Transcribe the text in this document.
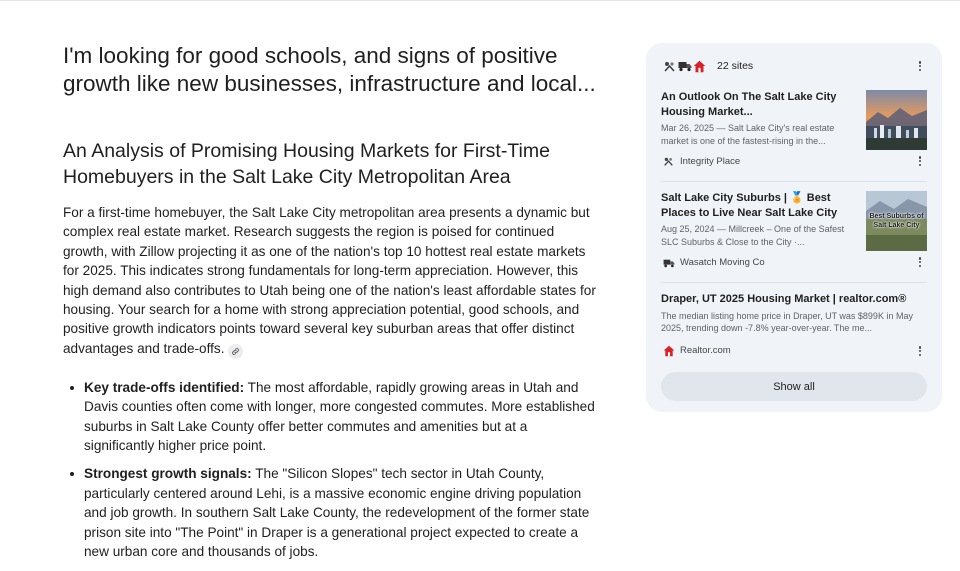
I'm looking for good schools, and signs of positive growth like new businesses, infrastructure and local...
An Analysis of Promising Housing Markets for First-Time Homebuyers in the Salt Lake City Metropolitan Area

For a first-time homebuyer, the Salt Lake City metropolitan area presents a dynamic but complex real estate market. Research suggests the region is poised for continued growth, with Zillow projecting it as one of the nation's top 10 hottest real estate markets for 2025. This indicates strong fundamentals for long-term appreciation. However, this high demand also contributes to Utah being one of the nation's least affordable states for housing. Your search for a home with strong appreciation potential, good schools, and positive growth indicators points toward several key suburban areas that offer distinct advantages and trade-offs.

Key trade-offs identified: The most affordable, rapidly growing areas in Utah and Davis counties often come with longer, more congested commutes. More established suburbs in Salt Lake County offer better commutes and amenities but at a significantly higher price point.
Strongest growth signals: The "Silicon Slopes" tech sector in Utah County, particularly centered around Lehi, is a massive economic engine driving population and job growth. In southern Salt Lake County, the redevelopment of the former state prison site into "The Point" in Draper is a generational project expected to create a new urban core and thousands of jobs.
22 sites
An Outlook On The Salt Lake City Housing Market...
Mar 26, 2025 — Salt Lake City's real estate market is one of the fastest-rising in the...
Integrity Place
Salt Lake City Suburbs | 🏅 Best Places to Live Near Salt Lake City
Aug 25, 2024 — Millcreek – One of the Safest SLC Suburbs & Close to the City ·...
Best Suburbs of Salt Lake City
Wasatch Moving Co
Draper, UT 2025 Housing Market | realtor.com®
The median listing home price in Draper, UT was $899K in May 2025, trending down -7.8% year-over-year. The me...
Realtor.com
Show all
